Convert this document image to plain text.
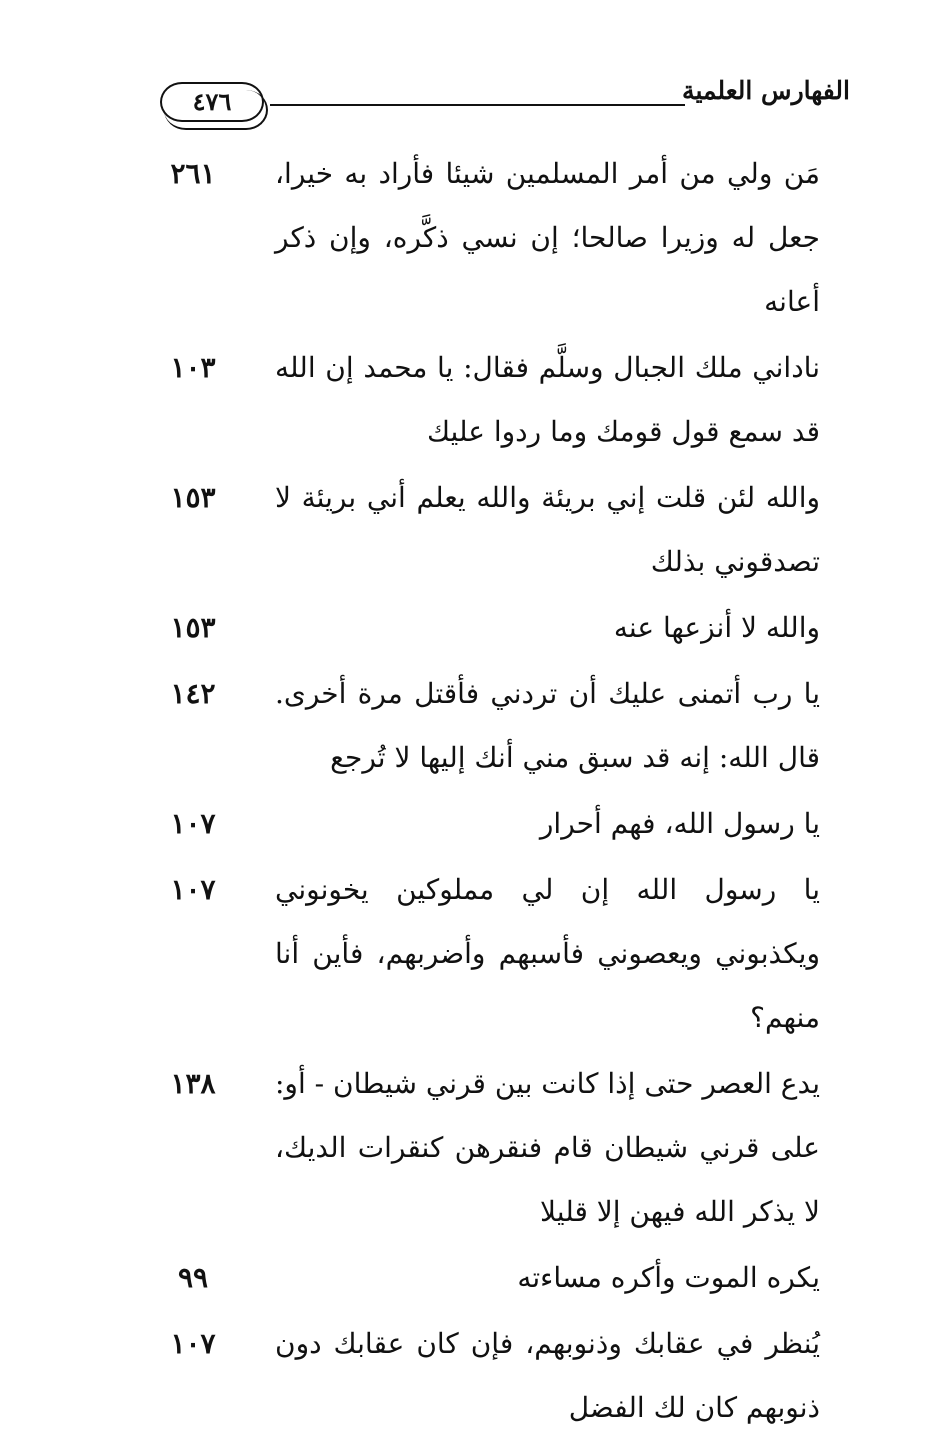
الفهارس العلمية
٤٧٦
مَن ولي من أمر المسلمين شيئا فأراد به خيرا، جعل له وزيرا صالحا؛ إن نسي ذكَّره، وإن ذكر أعانه
٢٦١
ناداني ملك الجبال وسلَّم فقال: يا محمد إن الله قد سمع قول قومك وما ردوا عليك
١٠٣
والله لئن قلت إني بريئة والله يعلم أني بريئة لا تصدقوني بذلك
١٥٣
والله لا أنزعها عنه
١٥٣
يا رب أتمنى عليك أن تردني فأقتل مرة أخرى. قال الله: إنه قد سبق مني أنك إليها لا تُرجع
١٤٢
يا رسول الله، فهم أحرار
١٠٧
يا رسول الله إن لي مملوكين يخونوني ويكذبوني ويعصوني فأسبهم وأضربهم، فأين أنا منهم؟
١٠٧
يدع العصر حتى إذا كانت بين قرني شيطان - أو: على قرني شيطان قام فنقرهن كنقرات الديك، لا يذكر الله فيهن إلا قليلا
١٣٨
يكره الموت وأكره مساءته
٩٩
يُنظر في عقابك وذنوبهم، فإن كان عقابك دون ذنوبهم كان لك الفضل
١٠٧
